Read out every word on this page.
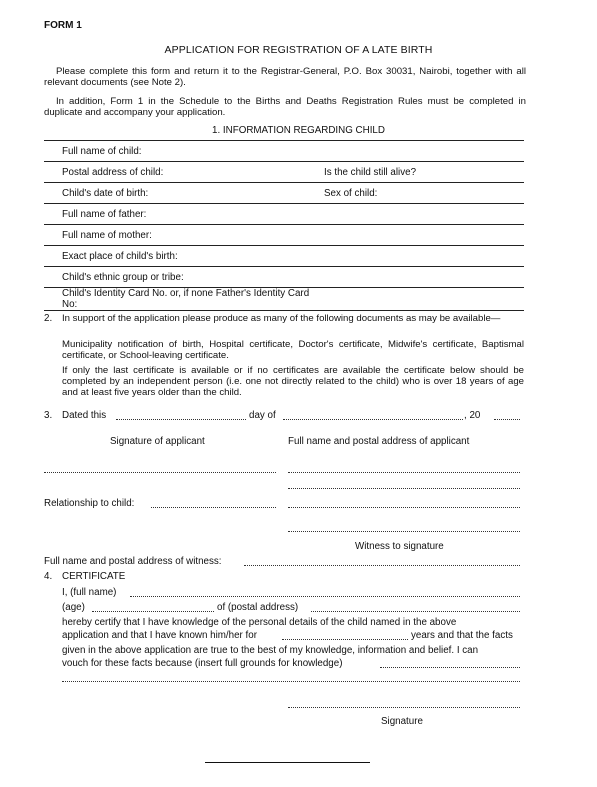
FORM 1
APPLICATION FOR REGISTRATION OF A LATE BIRTH
Please complete this form and return it to the Registrar-General, P.O. Box 30031, Nairobi, together with all relevant documents (see Note 2).
In addition, Form 1 in the Schedule to the Births and Deaths Registration Rules must be completed in duplicate and accompany your application.
1. INFORMATION REGARDING CHILD
Full name of child:	
Postal address of child:	Is the child still alive?
Child's date of birth:	Sex of child:
Full name of father:	
Full name of mother:	
Exact place of child's birth:	
Child's ethnic group or tribe:	
Child's Identity Card No. or, if none Father's Identity Card No:	
2. In support of the application please produce as many of the following documents as may be available—
Municipality notification of birth, Hospital certificate, Doctor's certificate, Midwife's certificate, Baptismal certificate, or School-leaving certificate.
If only the last certificate is available or if no certificates are available the certificate below should be completed by an independent person (i.e. one not directly related to the child) who is over 18 years of age and at least five years older than the child.
3. Dated this	day of	, 20
Signature of applicant	Full name and postal address of applicant
Relationship to child:
Witness to signature
Full name and postal address of witness:
4. CERTIFICATE
I, (full name)
(age)	of (postal address)
hereby certify that I have knowledge of the personal details of the child named in the above
application and that I have known him/her for	years and that the facts
given in the above application are true to the best of my knowledge, information and belief. I can
vouch for these facts because (insert full grounds for knowledge)
Signature
